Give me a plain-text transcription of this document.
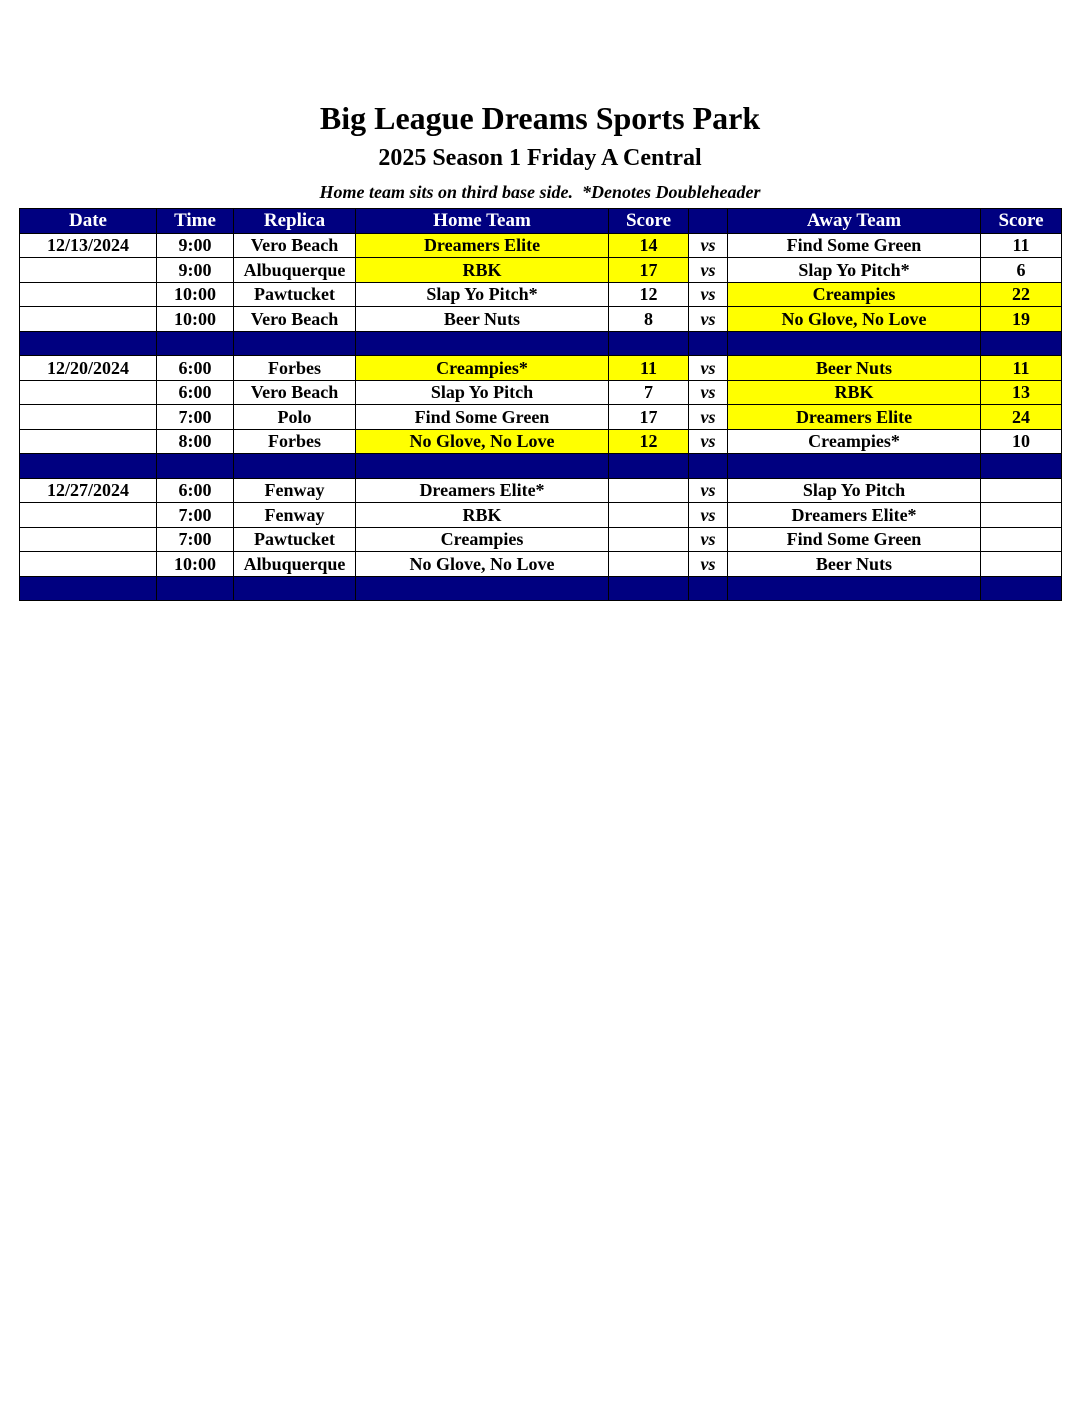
Big League Dreams Sports Park
2025 Season 1 Friday A Central
Home team sits on third base side.  *Denotes Doubleheader
Date	Time	Replica	Home Team	Score		Away Team	Score
12/13/2024	9:00	Vero Beach	Dreamers Elite	14	vs	Find Some Green	11
	9:00	Albuquerque	RBK	17	vs	Slap Yo Pitch*	6
	10:00	Pawtucket	Slap Yo Pitch*	12	vs	Creampies	22
	10:00	Vero Beach	Beer Nuts	8	vs	No Glove, No Love	19

12/20/2024	6:00	Forbes	Creampies*	11	vs	Beer Nuts	11
	6:00	Vero Beach	Slap Yo Pitch	7	vs	RBK	13
	7:00	Polo	Find Some Green	17	vs	Dreamers Elite	24
	8:00	Forbes	No Glove, No Love	12	vs	Creampies*	10

12/27/2024	6:00	Fenway	Dreamers Elite*		vs	Slap Yo Pitch	
	7:00	Fenway	RBK		vs	Dreamers Elite*	
	7:00	Pawtucket	Creampies		vs	Find Some Green	
	10:00	Albuquerque	No Glove, No Love		vs	Beer Nuts	
